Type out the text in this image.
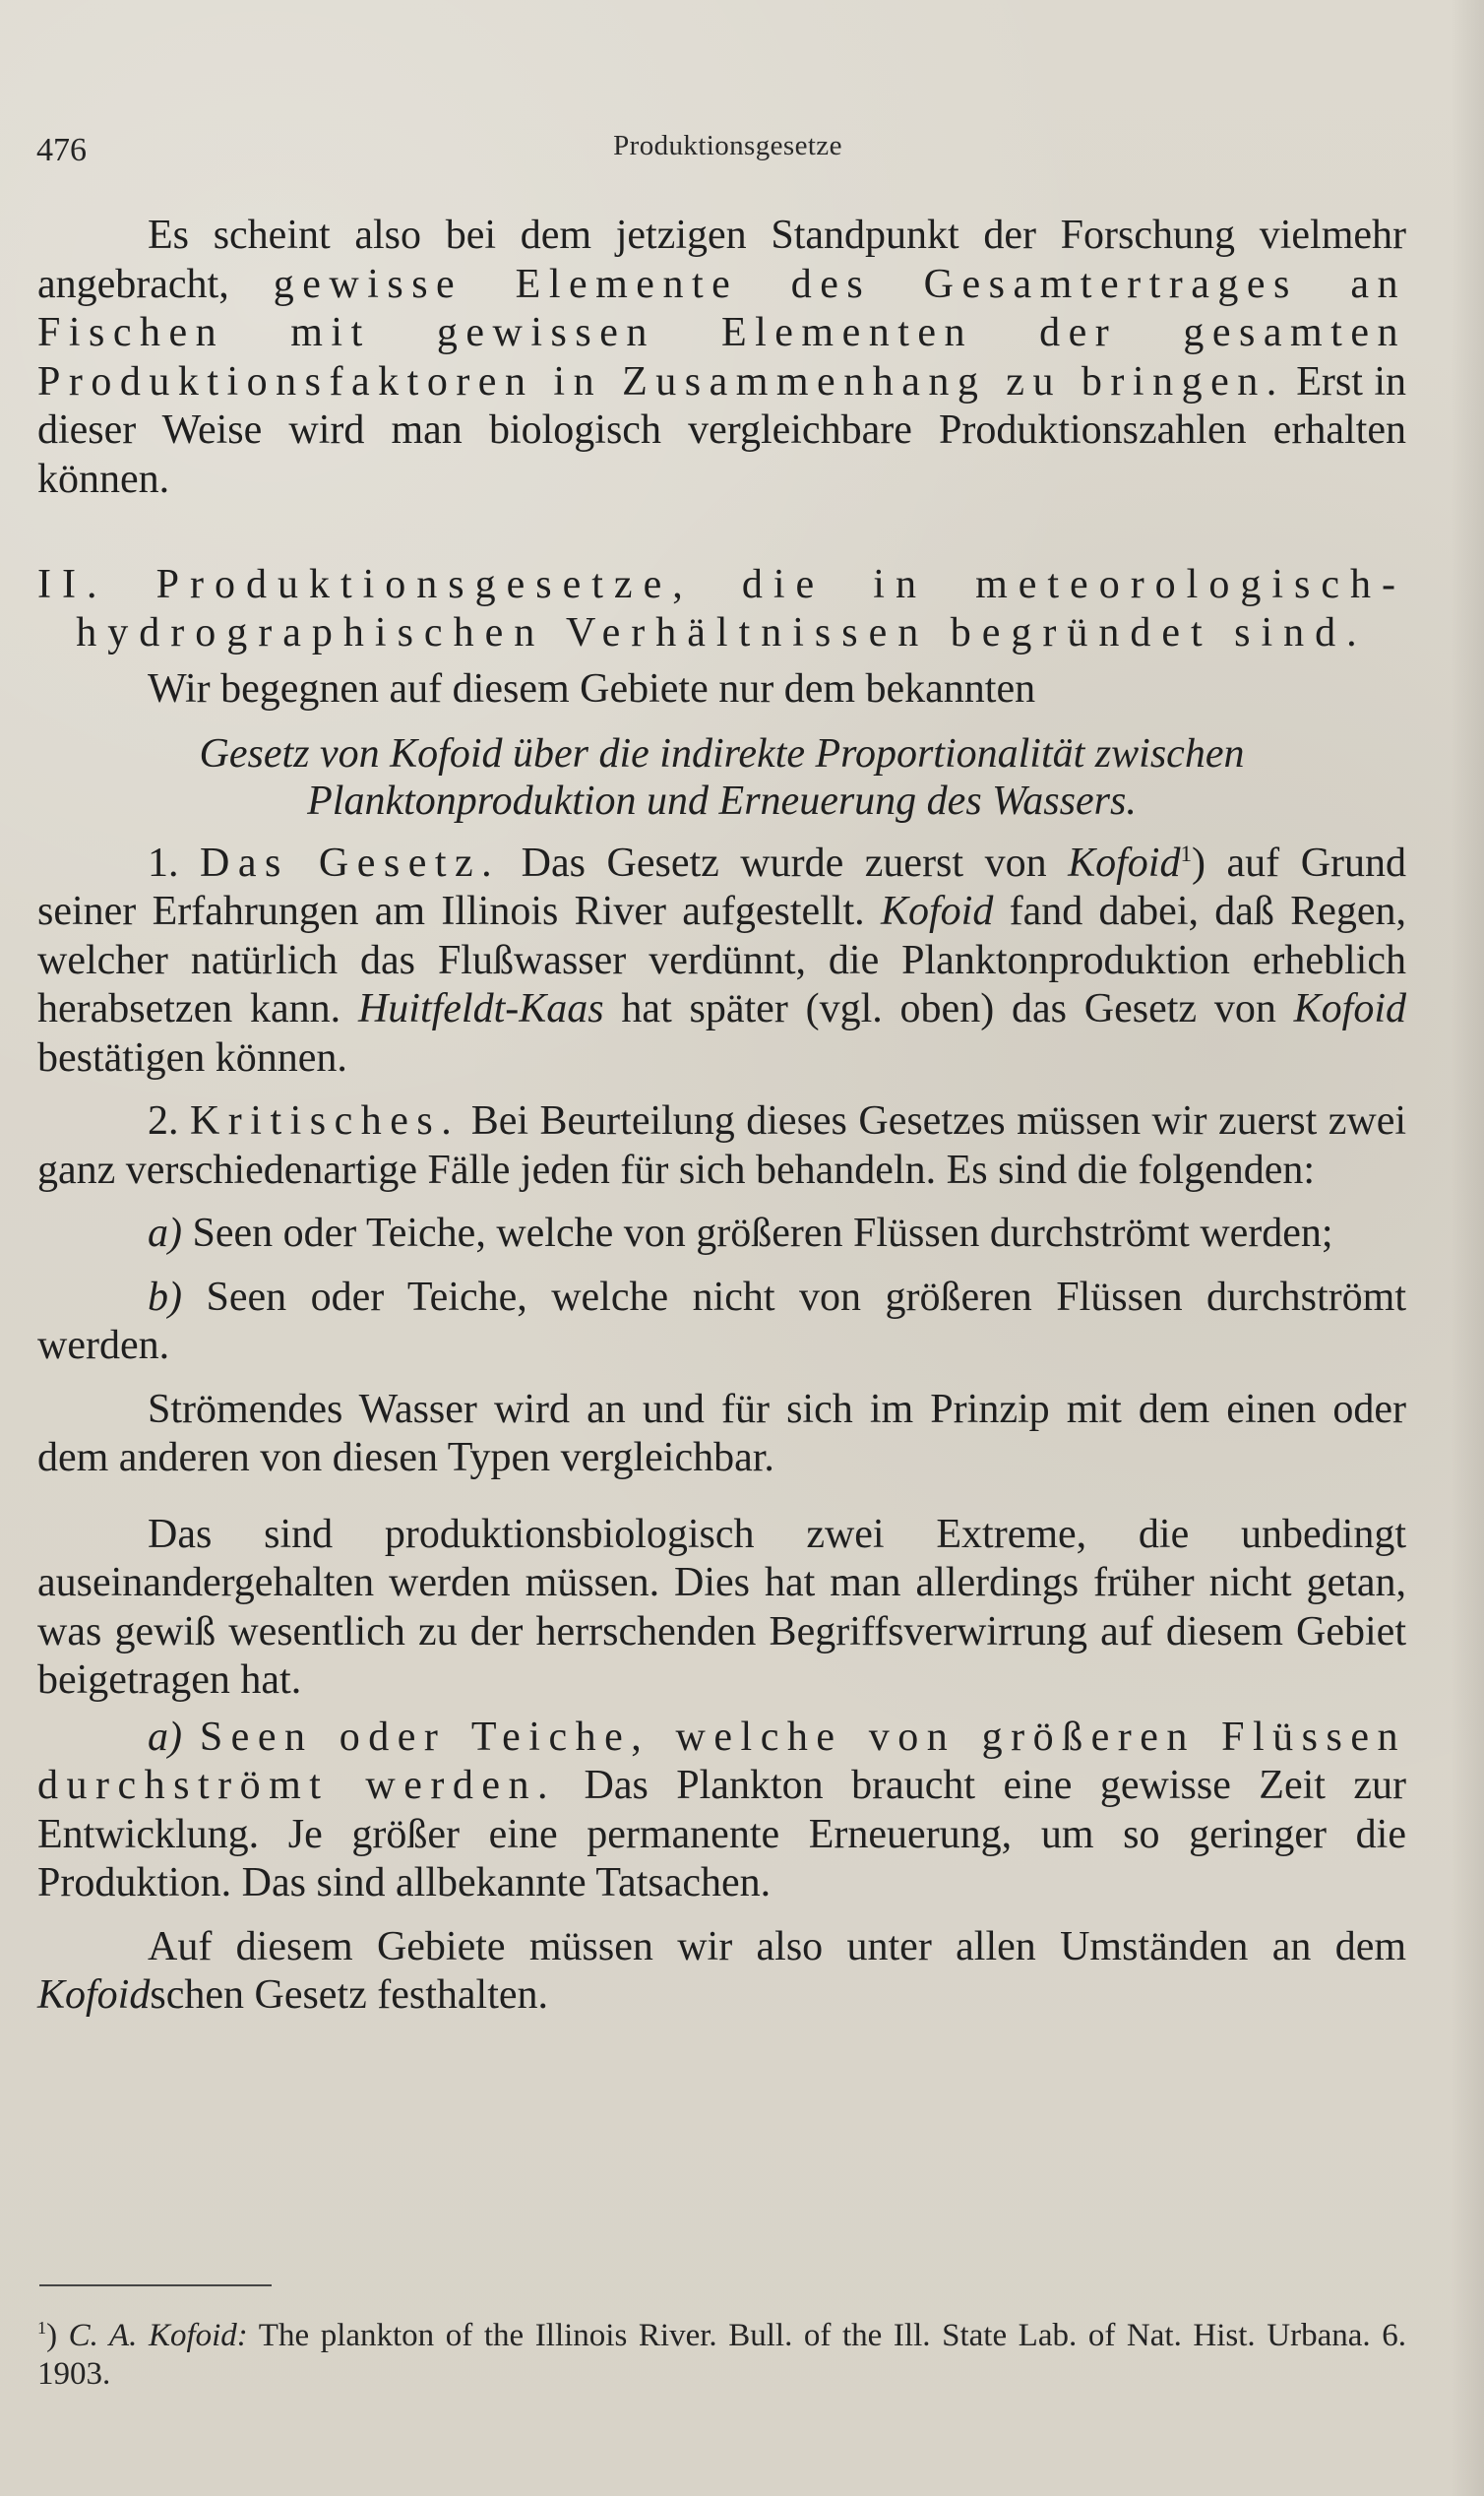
476	Produktionsgesetze

Es scheint also bei dem jetzigen Standpunkt der Forschung vielmehr angebracht, gewisse Elemente des Gesamtertrages an Fischen mit gewissen Elementen der gesamten Produktionsfaktoren in Zusammenhang zu bringen. Erst in dieser Weise wird man biologisch vergleichbare Produktionszahlen erhalten können.

II. Produktionsgesetze, die in meteorologisch-hydrographischen Verhältnissen begründet sind.

Wir begegnen auf diesem Gebiete nur dem bekannten

Gesetz von Kofoid über die indirekte Proportionalität zwischen Planktonproduktion und Erneuerung des Wassers.

1. Das Gesetz. Das Gesetz wurde zuerst von Kofoid$^1$) auf Grund seiner Erfahrungen am Illinois River aufgestellt. Kofoid fand dabei, daß Regen, welcher natürlich das Flußwasser verdünnt, die Planktonproduktion erheblich herabsetzen kann. Huitfeldt-Kaas hat später (vgl. oben) das Gesetz von Kofoid bestätigen können.

2. Kritisches. Bei Beurteilung dieses Gesetzes müssen wir zuerst zwei ganz verschiedenartige Fälle jeden für sich behandeln. Es sind die folgenden:

a) Seen oder Teiche, welche von größeren Flüssen durchströmt werden;

b) Seen oder Teiche, welche nicht von größeren Flüssen durchströmt werden.

Strömendes Wasser wird an und für sich im Prinzip mit dem einen oder dem anderen von diesen Typen vergleichbar.

Das sind produktionsbiologisch zwei Extreme, die unbedingt auseinandergehalten werden müssen. Dies hat man allerdings früher nicht getan, was gewiß wesentlich zu der herrschenden Begriffsverwirrung auf diesem Gebiet beigetragen hat.

a) Seen oder Teiche, welche von größeren Flüssen durchströmt werden. Das Plankton braucht eine gewisse Zeit zur Entwicklung. Je größer eine permanente Erneuerung, um so geringer die Produktion. Das sind allbekannte Tatsachen.

Auf diesem Gebiete müssen wir also unter allen Umständen an dem Kofoidschen Gesetz festhalten.

$^1$) C. A. Kofoid: The plankton of the Illinois River. Bull. of the Ill. State Lab. of Nat. Hist. Urbana. 6. 1903.
